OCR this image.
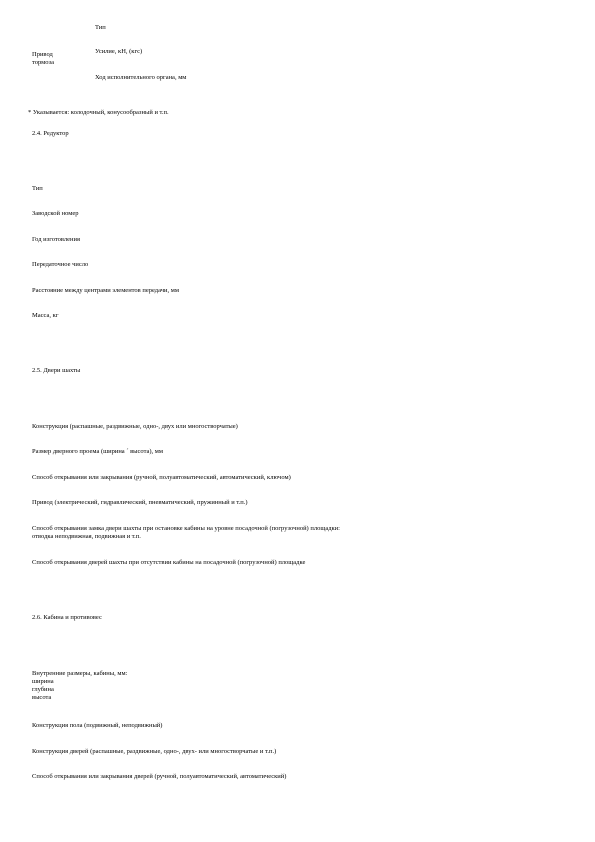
Тип
Привод
тормоза
Усилие, кН, (кгс)
Ход исполнительного органа, мм
* Указывается: колодочный, конусообразный и т.п.
2.4. Редуктор
Тип
Заводской номер
Год изготовления
Передаточное число
Расстояние между центрами элементов передачи, мм
Масса, кг
2.5. Двери шахты
Конструкция (распашные, раздвижные, одно-, двух или многостворчатые)
Размер дверного проема (ширина ´ высота), мм
Способ открывания или закрывания (ручной, полуавтоматический, автоматический, ключом)
Привод (электрический, гидравлический, пневматический, пружинный и т.п.)
Способ открывания замка двери шахты при остановке кабины на уровне посадочной (погрузочной) площадки:
отводка неподвижная, подвижная и т.п.
Способ открывания дверей шахты при отсутствии кабины на посадочной (погрузочной) площадке
2.6. Кабина и противовес
Внутренние размеры, кабины, мм:
ширина
глубина
высота
Конструкция пола (подвижный, неподвижный)
Конструкция дверей (распашные, раздвижные, одно-, двух- или многостворчатые и т.п.)
Способ открывания или закрывания дверей (ручной, полуавтоматический, автоматический)
